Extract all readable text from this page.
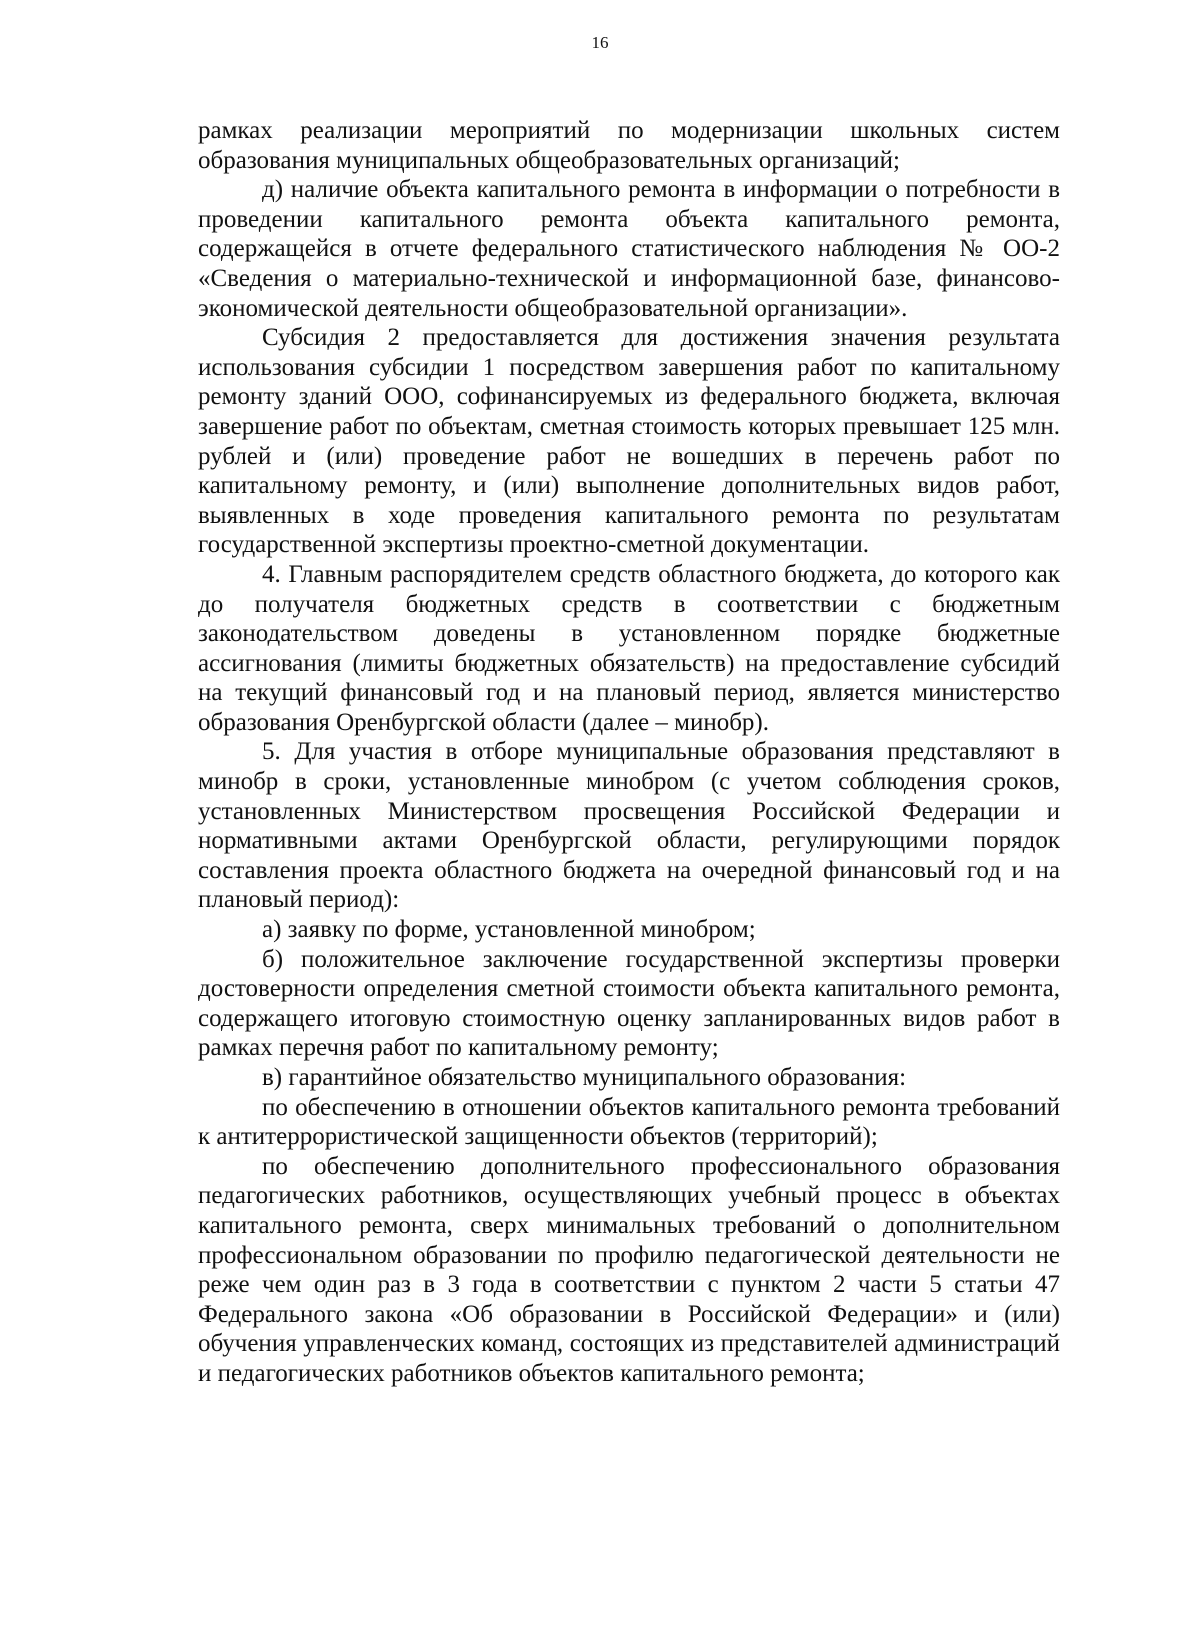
16

рамках реализации мероприятий по модернизации школьных систем образования муниципальных общеобразовательных организаций;

д) наличие объекта капитального ремонта в информации о потребности в проведении капитального ремонта объекта капитального ремонта, содержащейся в отчете федерального статистического наблюдения № ОО-2 «Сведения о материально-технической и информационной базе, финансово-экономической деятельности общеобразовательной организации».

Субсидия 2 предоставляется для достижения значения результата использования субсидии 1 посредством завершения работ по капитальному ремонту зданий ООО, софинансируемых из федерального бюджета, включая завершение работ по объектам, сметная стоимость которых превышает 125 млн. рублей и (или) проведение работ не вошедших в перечень работ по капитальному ремонту, и (или) выполнение дополнительных видов работ, выявленных в ходе проведения капитального ремонта по результатам государственной экспертизы проектно-сметной документации.

4. Главным распорядителем средств областного бюджета, до которого как до получателя бюджетных средств в соответствии с бюджетным законодательством доведены в установленном порядке бюджетные ассигнования (лимиты бюджетных обязательств) на предоставление субсидий на текущий финансовый год и на плановый период, является министерство образования Оренбургской области (далее – минобр).

5. Для участия в отборе муниципальные образования представляют в минобр в сроки, установленные минобром (с учетом соблюдения сроков, установленных Министерством просвещения Российской Федерации и нормативными актами Оренбургской области, регулирующими порядок составления проекта областного бюджета на очередной финансовый год и на плановый период):

а) заявку по форме, установленной минобром;

б) положительное заключение государственной экспертизы проверки достоверности определения сметной стоимости объекта капитального ремонта, содержащего итоговую стоимостную оценку запланированных видов работ в рамках перечня работ по капитальному ремонту;

в) гарантийное обязательство муниципального образования:

по обеспечению в отношении объектов капитального ремонта требований к антитеррористической защищенности объектов (территорий);

по обеспечению дополнительного профессионального образования педагогических работников, осуществляющих учебный процесс в объектах капитального ремонта, сверх минимальных требований о дополнительном профессиональном образовании по профилю педагогической деятельности не реже чем один раз в 3 года в соответствии с пунктом 2 части 5 статьи 47 Федерального закона «Об образовании в Российской Федерации» и (или) обучения управленческих команд, состоящих из представителей администраций и педагогических работников объектов капитального ремонта;
